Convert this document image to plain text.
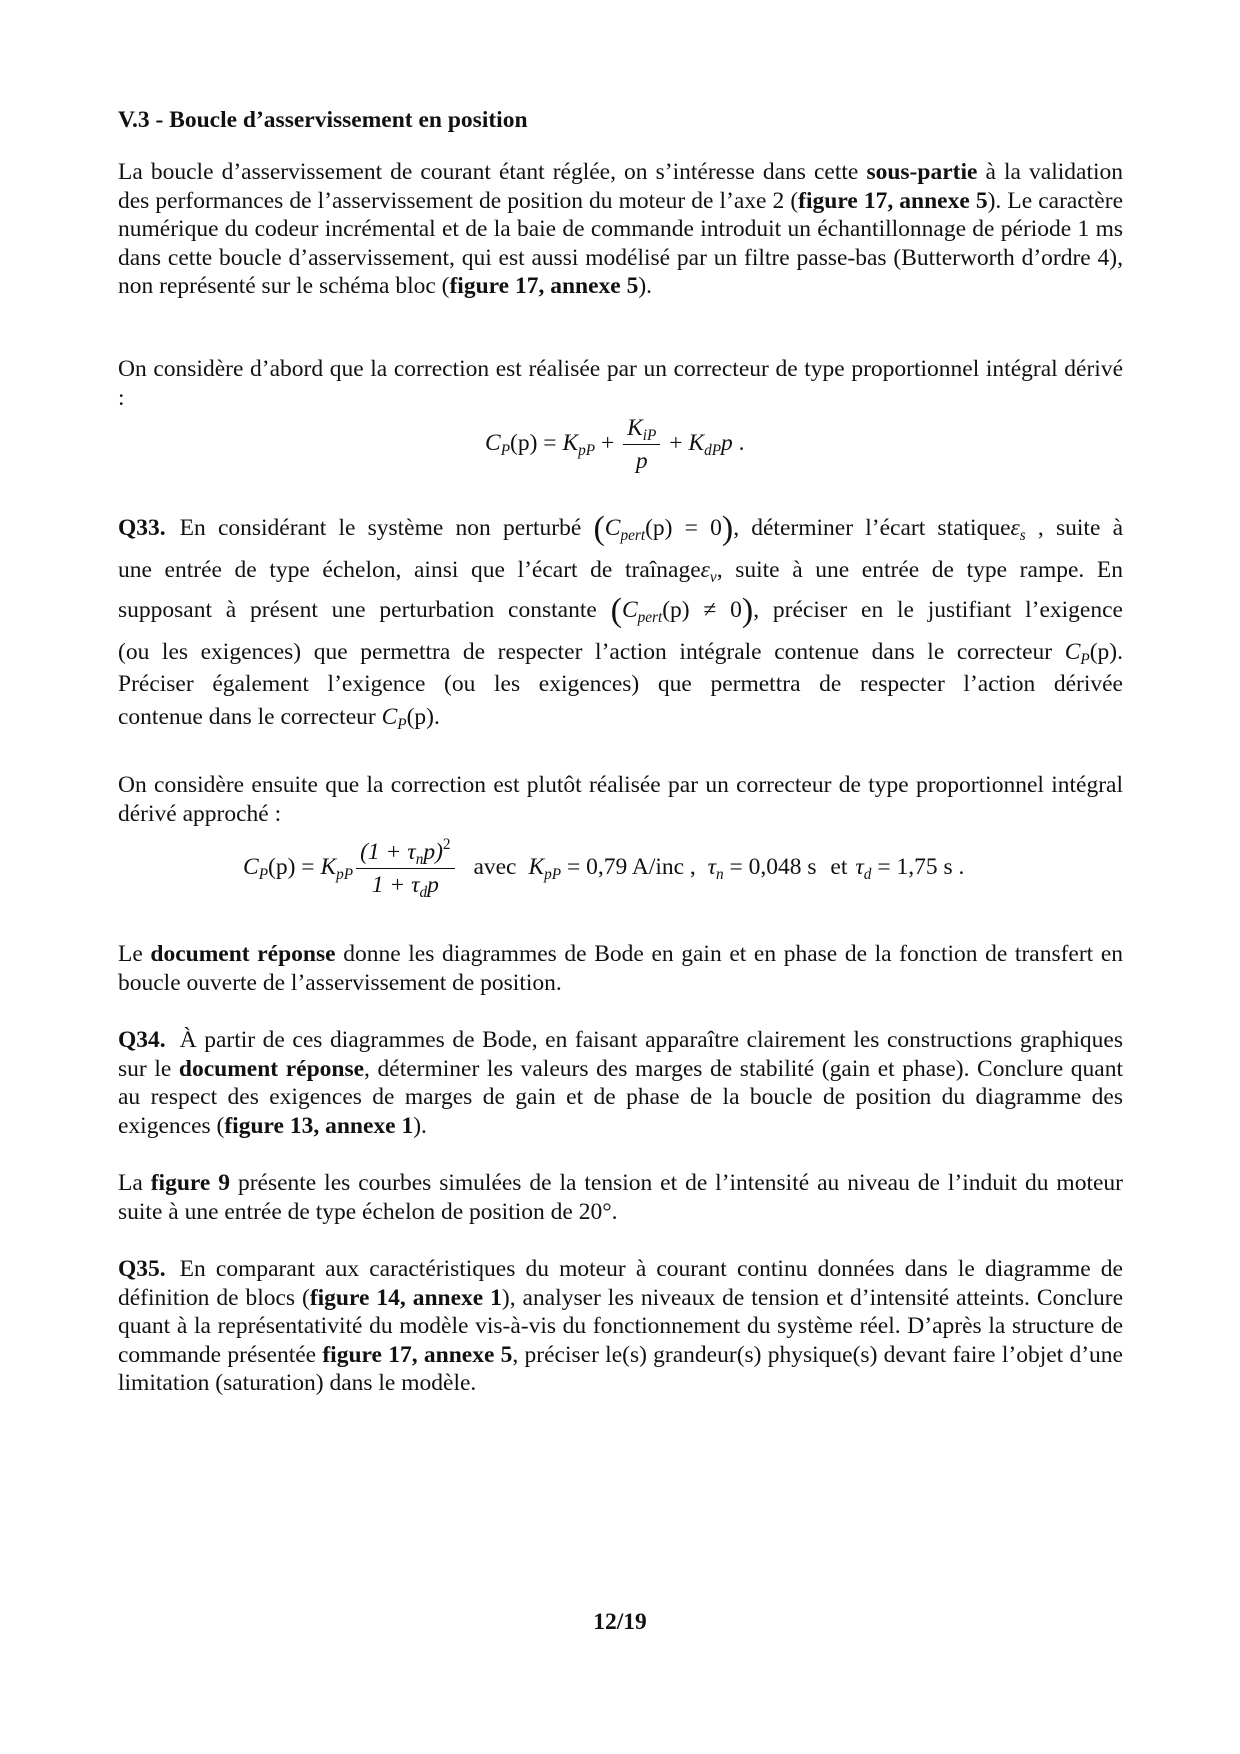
V.3 - Boucle d’asservissement en position

La boucle d’asservissement de courant étant réglée, on s’intéresse dans cette sous-partie à la validation des performances de l’asservissement de position du moteur de l’axe 2 (figure 17, annexe 5). Le caractère numérique du codeur incrémental et de la baie de commande introduit un échantillonnage de période 1 ms dans cette boucle d’asservissement, qui est aussi modélisé par un filtre passe-bas (Butterworth d’ordre 4), non représenté sur le schéma bloc (figure 17, annexe 5).

On considère d’abord que la correction est réalisée par un correcteur de type proportionnel intégral dérivé :

$C_P(p) = K_{pP} + \frac{K_{iP}}{p} + K_{dP}p$ .
Q33. En considérant le système non perturbé $(C_{pert}(p) = 0)$, déterminer l’écart statiqueε$_s$ , suite à
une entrée de type échelon, ainsi que l’écart de traînageε$_v$, suite à une entrée de type rampe. En
supposant à présent une perturbation constante $(C_{pert}(p) \ne 0)$, préciser en le justifiant l’exigence
(ou les exigences) que permettra de respecter l’action intégrale contenue dans le correcteur $C_P(p)$.
Préciser également l’exigence (ou les exigences) que permettra de respecter l’action dérivée
contenue dans le correcteur $C_P(p)$.

On considère ensuite que la correction est plutôt réalisée par un correcteur de type proportionnel intégral dérivé approché :

$C_P(p) = K_{pP} \frac{(1 + \tau_np)^2}{1 + \tau_dp}$ avec $K_{pP} = 0,79$ A/inc , $\tau_n = 0,048$ s et $\tau_d = 1,75$ s .

Le document réponse donne les diagrammes de Bode en gain et en phase de la fonction de transfert en boucle ouverte de l’asservissement de position.

Q34. À partir de ces diagrammes de Bode, en faisant apparaître clairement les constructions graphiques sur le document réponse, déterminer les valeurs des marges de stabilité (gain et phase). Conclure quant au respect des exigences de marges de gain et de phase de la boucle de position du diagramme des exigences (figure 13, annexe 1).

La figure 9 présente les courbes simulées de la tension et de l’intensité au niveau de l’induit du moteur suite à une entrée de type échelon de position de 20°.

Q35. En comparant aux caractéristiques du moteur à courant continu données dans le diagramme de définition de blocs (figure 14, annexe 1), analyser les niveaux de tension et d’intensité atteints. Conclure quant à la représentativité du modèle vis-à-vis du fonctionnement du système réel. D’après la structure de commande présentée figure 17, annexe 5, préciser le(s) grandeur(s) physique(s) devant faire l’objet d’une limitation (saturation) dans le modèle.

12/19
